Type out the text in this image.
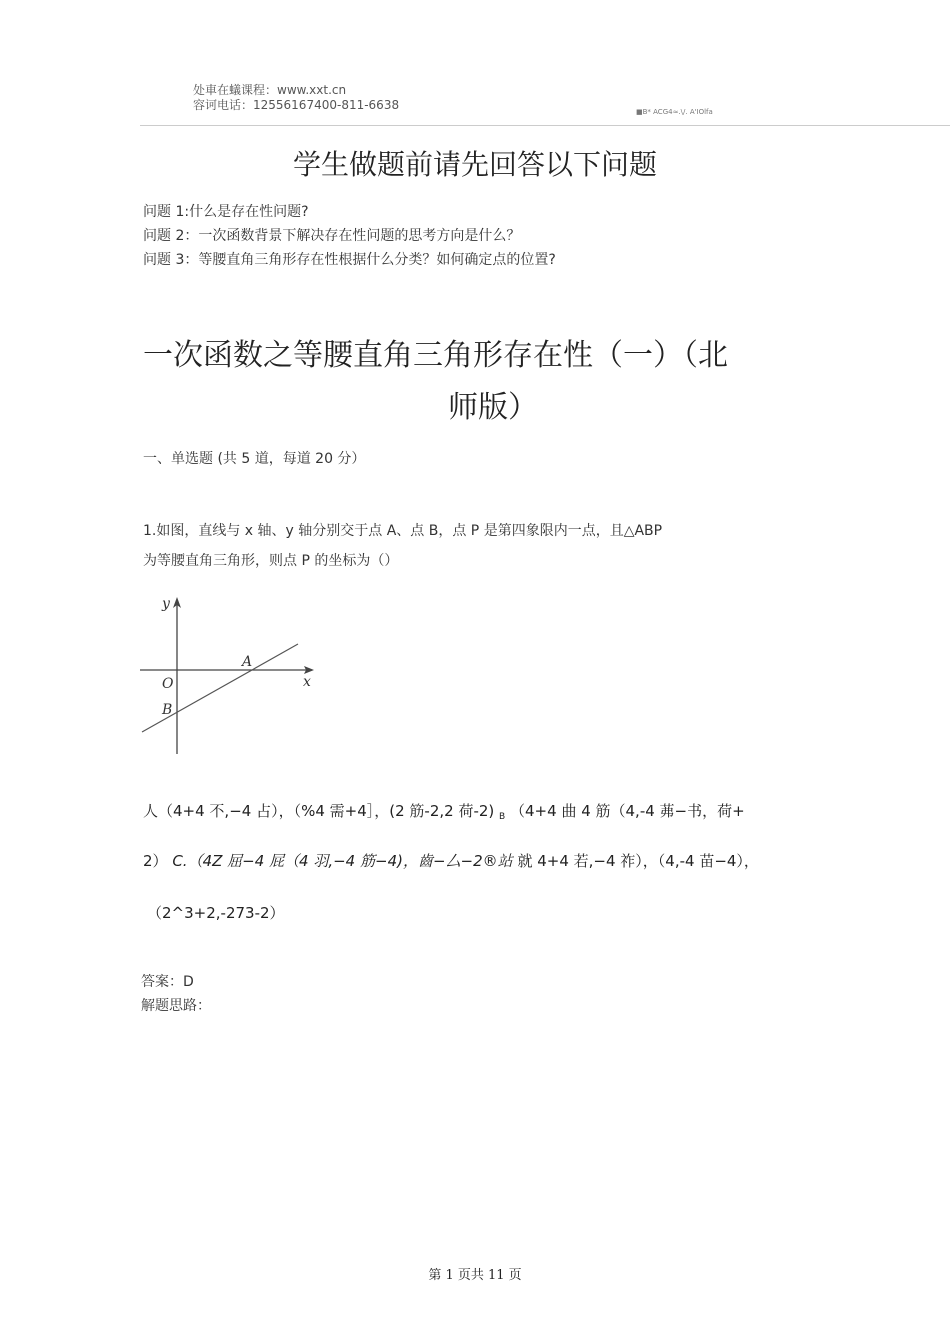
处車在蟻课程：www.xxt.cn
容诃电话：12556167400-811-6638	■B* ACG4≈.\/. A'IOlfa
学生做题前请先回答以下问题
问题 1:什么是存在性问题?
问题 2：一次函数背景下解决存在性问题的思考方向是什么？
问题 3：等腰直角三角形存在性根据什么分类？如何确定点的位置?
一次函数之等腰直角三角形存在性（一）（北
师版）
一、单选题 (共 5 道，每道 20 分）
1.如图，直线与 x 轴、y 轴分别交于点 A、点 B，点 P 是第四象限内一点，且△ABP
为等腰直角三角形，则点 P 的坐标为（）
y
x
O
A
B
人（4+4 不,−4 占），（%4 需+4］，(2 筋-2,2 荷-2) $_B$ （4+4 曲 4 筋（4,-4 茀−书，荷+
2） C.（4Z 屈−4 屁（4 羽,−4 筋−4)，齒−厶−2®站 就 4+4 若,−4 祚），（4,-4 苗−4），
（2^3+2,-273-2）
答案：D
解题思路：
第 1 页共 11 页
